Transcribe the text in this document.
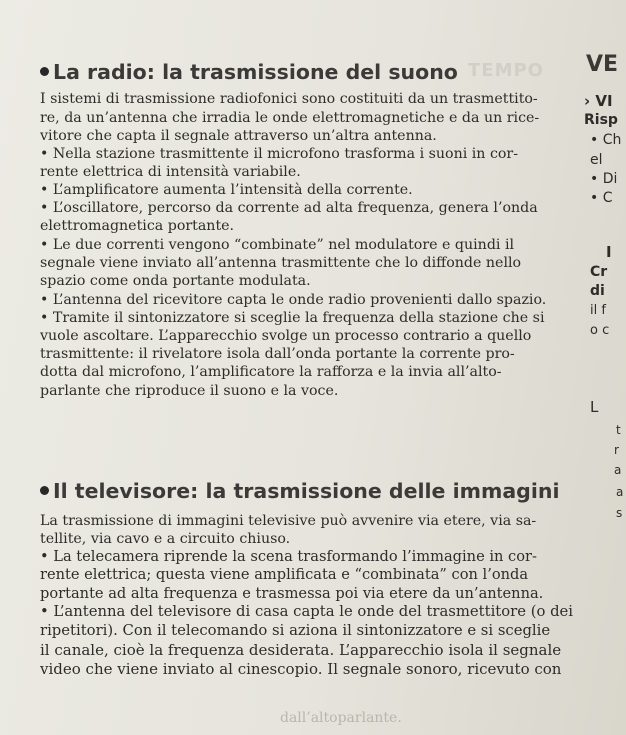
TEMPO
La radio: la trasmissione del suono
I sistemi di trasmissione radiofonici sono costituiti da un trasmettito-
re, da un’antenna che irradia le onde elettromagnetiche e da un rice-
vitore che capta il segnale attraverso un’altra antenna.
• Nella stazione trasmittente il microfono trasforma i suoni in cor-
rente elettrica di intensità variabile.
• L’amplificatore aumenta l’intensità della corrente.
• L’oscillatore, percorso da corrente ad alta frequenza, genera l’onda
elettromagnetica portante.
• Le due correnti vengono “combinate” nel modulatore e quindi il
segnale viene inviato all’antenna trasmittente che lo diffonde nello
spazio come onda portante modulata.
• L’antenna del ricevitore capta le onde radio provenienti dallo spazio.
• Tramite il sintonizzatore si sceglie la frequenza della stazione che si
vuole ascoltare. L’apparecchio svolge un processo contrario a quello
trasmittente: il rivelatore isola dall’onda portante la corrente pro-
dotta dal microfono, l’amplificatore la rafforza e la invia all’alto-
parlante che riproduce il suono e la voce.
Il televisore: la trasmissione delle immagini
La trasmissione di immagini televisive può avvenire via etere, via sa-
tellite, via cavo e a circuito chiuso.
• La telecamera riprende la scena trasformando l’immagine in cor-
rente elettrica; questa viene amplificata e “combinata” con l’onda
portante ad alta frequenza e trasmessa poi via etere da un’antenna.
• L’antenna del televisore di casa capta le onde del trasmettitore (o dei
ripetitori). Con il telecomando si aziona il sintonizzatore e si sceglie
il canale, cioè la frequenza desiderata. L’apparecchio isola il segnale
video che viene inviato al cinescopio. Il segnale sonoro, ricevuto con
dall’altoparlante.
VE
› VI
Risp
• Ch
el
• Di
• C
I
Cr
di
il f
o c
L
t
r
a
a
s
